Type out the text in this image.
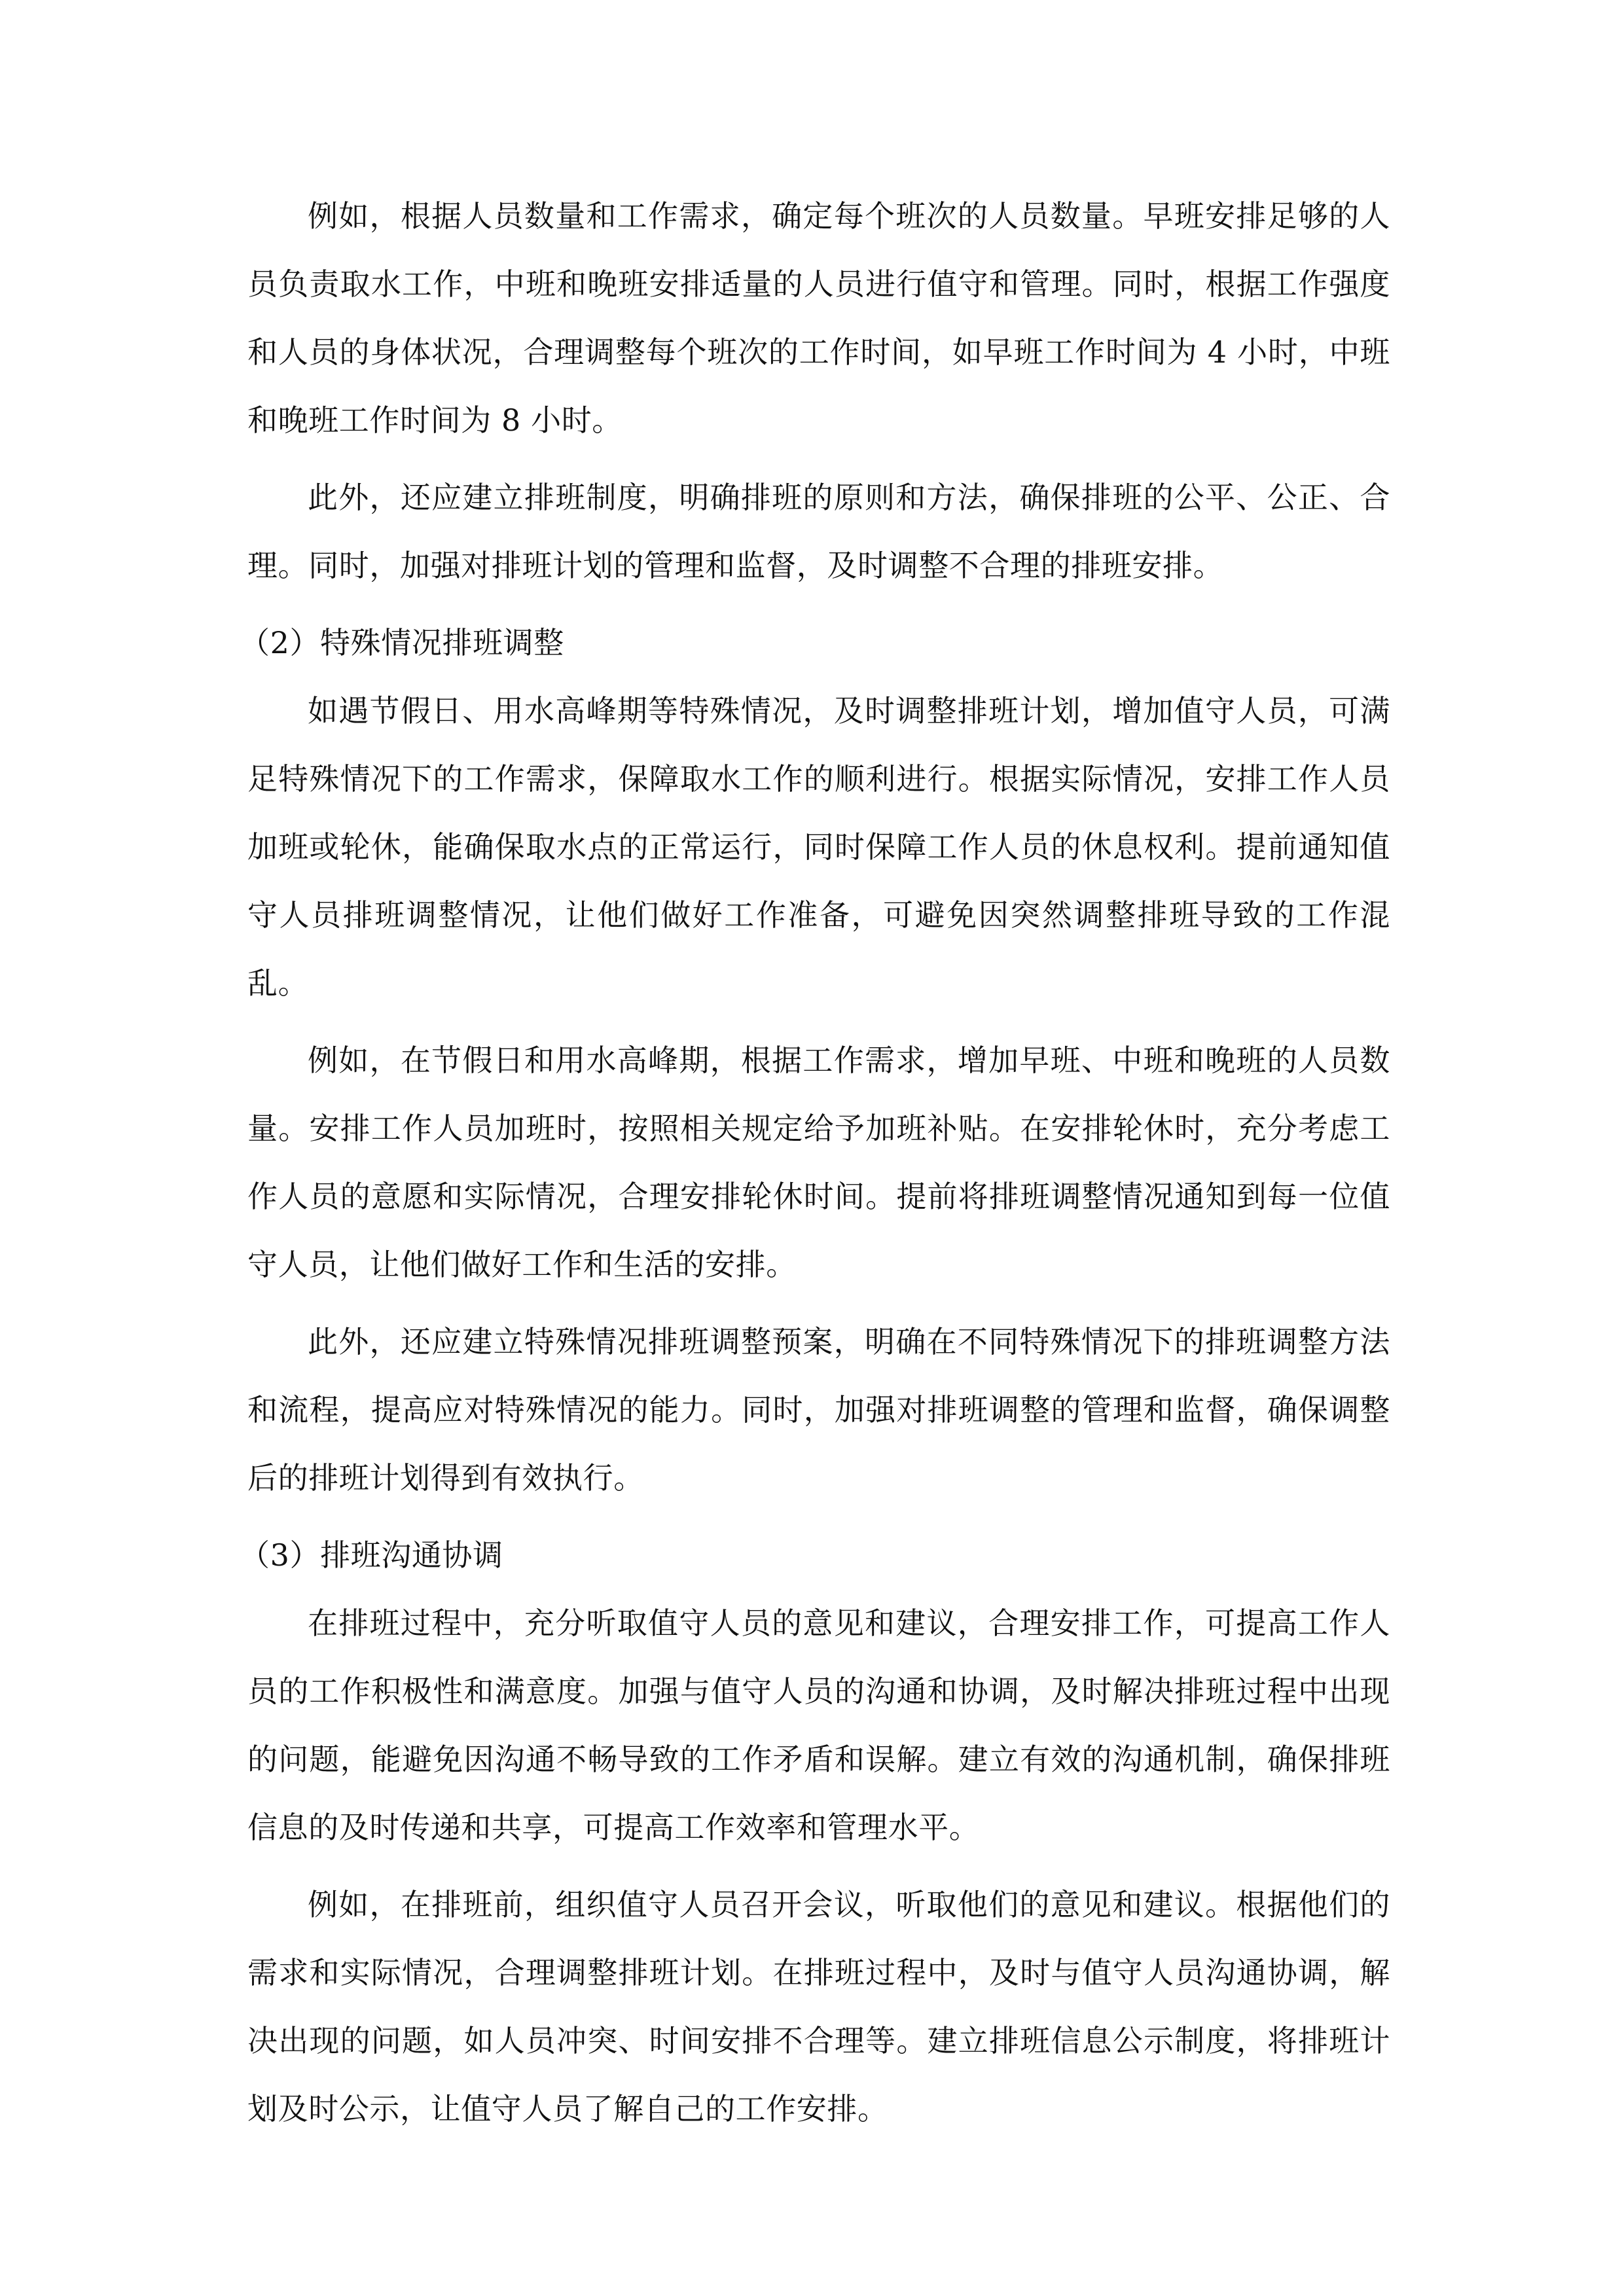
例如，根据人员数量和工作需求，确定每个班次的人员数量。早班安排足够的人员负责取水工作，中班和晚班安排适量的人员进行值守和管理。同时，根据工作强度和人员的身体状况，合理调整每个班次的工作时间，如早班工作时间为 4 小时，中班和晚班工作时间为 8 小时。

此外，还应建立排班制度，明确排班的原则和方法，确保排班的公平、公正、合理。同时，加强对排班计划的管理和监督，及时调整不合理的排班安排。

（2）特殊情况排班调整

如遇节假日、用水高峰期等特殊情况，及时调整排班计划，增加值守人员，可满足特殊情况下的工作需求，保障取水工作的顺利进行。根据实际情况，安排工作人员加班或轮休，能确保取水点的正常运行，同时保障工作人员的休息权利。提前通知值守人员排班调整情况，让他们做好工作准备，可避免因突然调整排班导致的工作混乱。

例如，在节假日和用水高峰期，根据工作需求，增加早班、中班和晚班的人员数量。安排工作人员加班时，按照相关规定给予加班补贴。在安排轮休时，充分考虑工作人员的意愿和实际情况，合理安排轮休时间。提前将排班调整情况通知到每一位值守人员，让他们做好工作和生活的安排。

此外，还应建立特殊情况排班调整预案，明确在不同特殊情况下的排班调整方法和流程，提高应对特殊情况的能力。同时，加强对排班调整的管理和监督，确保调整后的排班计划得到有效执行。

（3）排班沟通协调

在排班过程中，充分听取值守人员的意见和建议，合理安排工作，可提高工作人员的工作积极性和满意度。加强与值守人员的沟通和协调，及时解决排班过程中出现的问题，能避免因沟通不畅导致的工作矛盾和误解。建立有效的沟通机制，确保排班信息的及时传递和共享，可提高工作效率和管理水平。

例如，在排班前，组织值守人员召开会议，听取他们的意见和建议。根据他们的需求和实际情况，合理调整排班计划。在排班过程中，及时与值守人员沟通协调，解决出现的问题，如人员冲突、时间安排不合理等。建立排班信息公示制度，将排班计划及时公示，让值守人员了解自己的工作安排。
